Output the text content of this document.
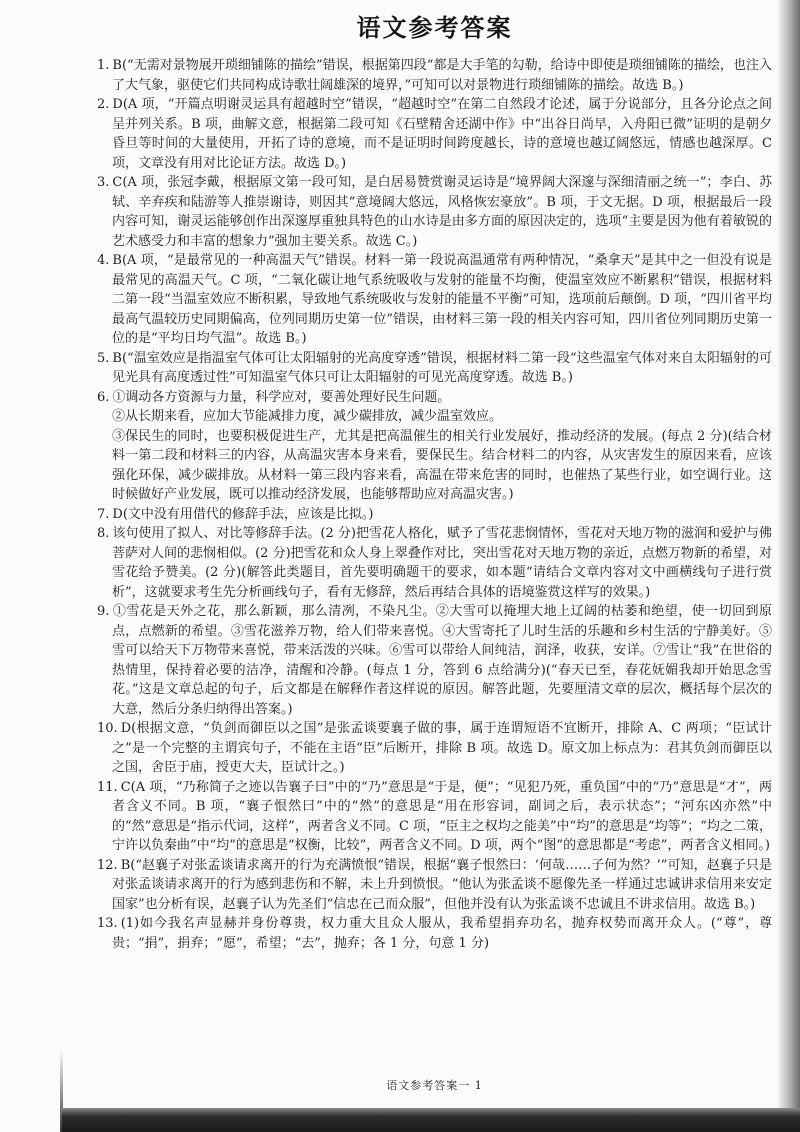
语文参考答案
1. B(“无需对景物展开琐细铺陈的描绘”错误，根据第四段“都是大手笔的勾勒，给诗中即使是琐细铺陈的描绘，也注入了大气象，驱使它们共同构成诗歌壮阔雄深的境界，”可知可以对景物进行琐细铺陈的描绘。故选 B。)
2. D(A 项，“开篇点明谢灵运具有超越时空”错误，“超越时空”在第二自然段才论述，属于分说部分，且各分论点之间呈并列关系。B 项，曲解文意，根据第二段可知《石壁精舍还湖中作》中“出谷日尚早，入舟阳已微”证明的是朝夕昏旦等时间的大量使用，开拓了诗的意境，而不是证明时间跨度越长，诗的意境也越辽阔悠远，情感也越深厚。C 项，文章没有用对比论证方法。故选 D。)
3. C(A 项，张冠李戴，根据原文第一段可知，是白居易赞赏谢灵运诗是“境界阔大深邃与深细清丽之统一”；李白、苏轼、辛弃疾和陆游等人推崇谢诗，则因其“意境阔大悠远，风格恢宏豪放”。B 项，于文无据。D 项，根据最后一段内容可知，谢灵运能够创作出深邃厚重独具特色的山水诗是由多方面的原因决定的，选项“主要是因为他有着敏锐的艺术感受力和丰富的想象力”强加主要关系。故选 C。)
4. B(A 项，“是最常见的一种高温天气”错误。材料一第一段说高温通常有两种情况，“桑拿天”是其中之一但没有说是最常见的高温天气。C 项，“二氧化碳让地气系统吸收与发射的能量不均衡，使温室效应不断累积”错误，根据材料二第一段“当温室效应不断积累，导致地气系统吸收与发射的能量不平衡”可知，选项前后颠倒。D 项，“四川省平均最高气温较历史同期偏高，位列同期历史第一位”错误，由材料三第一段的相关内容可知，四川省位列同期历史第一位的是“平均日均气温”。故选 B。)
5. B(“温室效应是指温室气体可让太阳辐射的光高度穿透”错误，根据材料二第一段“这些温室气体对来自太阳辐射的可见光具有高度透过性”可知温室气体只可让太阳辐射的可见光高度穿透。故选 B。)
6. ①调动各方资源与力量，科学应对，要善处理好民生问题。
②从长期来看，应加大节能减排力度，减少碳排放，减少温室效应。
③保民生的同时，也要积极促进生产，尤其是把高温催生的相关行业发展好，推动经济的发展。(每点 2 分)(结合材料一第二段和材料三的内容，从高温灾害本身来看，要保民生。结合材料二的内容，从灾害发生的原因来看，应该强化环保，减少碳排放。从材料一第三段内容来看，高温在带来危害的同时，也催热了某些行业，如空调行业。这时候做好产业发展，既可以推动经济发展，也能够帮助应对高温灾害。)
7. D(文中没有用借代的修辞手法，应该是比拟。)
8. 该句使用了拟人、对比等修辞手法。(2 分)把雪花人格化，赋予了雪花悲悯情怀，雪花对天地万物的滋润和爱护与佛菩萨对人间的悲悯相似。(2 分)把雪花和众人身上翠叠作对比，突出雪花对天地万物的亲近，点燃万物新的希望，对雪花给予赞美。(2 分)(解答此类题目，首先要明确题干的要求，如本题“请结合文章内容对文中画横线句子进行赏析”，这就要求考生先分析画线句子，看有无修辞，然后再结合具体的语境鉴赏这样写的效果。)
9. ①雪花是天外之花，那么新颖，那么清冽，不染凡尘。②大雪可以掩埋大地上辽阔的枯萎和绝望，使一切回到原点，点燃新的希望。③雪花滋养万物，给人们带来喜悦。④大雪寄托了儿时生活的乐趣和乡村生活的宁静美好。⑤雪可以给天下万物带来喜悦，带来活泼的兴味。⑥雪可以带给人间纯洁，润泽，收获，安详。⑦雪让“我”在世俗的热情里，保持着必要的洁净，清醒和冷静。(每点 1 分，答到 6 点给满分)(“春天已至，春花妩媚我却开始思念雪花。”这是文章总起的句子，后文都是在解释作者这样说的原因。解答此题，先要厘清文章的层次，概括每个层次的大意，然后分条归纳得出答案。)
10. D(根据文意，“负剑而御臣以之国”是张孟谈要襄子做的事，属于连谓短语不宜断开，排除 A、C 两项；“臣试计之”是一个完整的主谓宾句子，不能在主语“臣”后断开，排除 B 项。故选 D。原文加上标点为：君其负剑而御臣以之国，舍臣于庙，授吏大夫，臣试计之。)
11. C(A 项，“乃称简子之迹以告襄子曰”中的“乃”意思是“于是，便”；“见犯乃死，重负国”中的“乃”意思是“才”，两者含义不同。B 项，“襄子恨然曰”中的“然”的意思是“用在形容词，副词之后，表示状态”；“河东凶亦然”中的“然”意思是“指示代词，这样”，两者含义不同。C 项，“臣主之权均之能美”中“均”的意思是“均等”；“均之二策，宁许以负秦曲”中“均”的意思是“权衡，比较”，两者含义不同。D 项，两个“图”的意思都是“考虑”，两者含义相同。)
12. B(“赵襄子对张孟谈请求离开的行为充满愤恨”错误，根据“襄子恨然曰：‘何哉……子何为然？’”可知，赵襄子只是对张孟谈请求离开的行为感到悲伤和不解，未上升到愤恨。“他认为张孟谈不愿像先圣一样通过忠诚讲求信用来安定国家”也分析有误，赵襄子认为先圣们“信忠在己而众服”，但他并没有认为张孟谈不忠诚且不讲求信用。故选 B。)
13. (1)如今我名声显赫并身份尊贵，权力重大且众人服从，我希望捐弃功名，抛弃权势而离开众人。(“尊”，尊贵；“捐”，捐弃；“愿”，希望；“去”，抛弃；各 1 分，句意 1 分)
语文参考答案一 1
